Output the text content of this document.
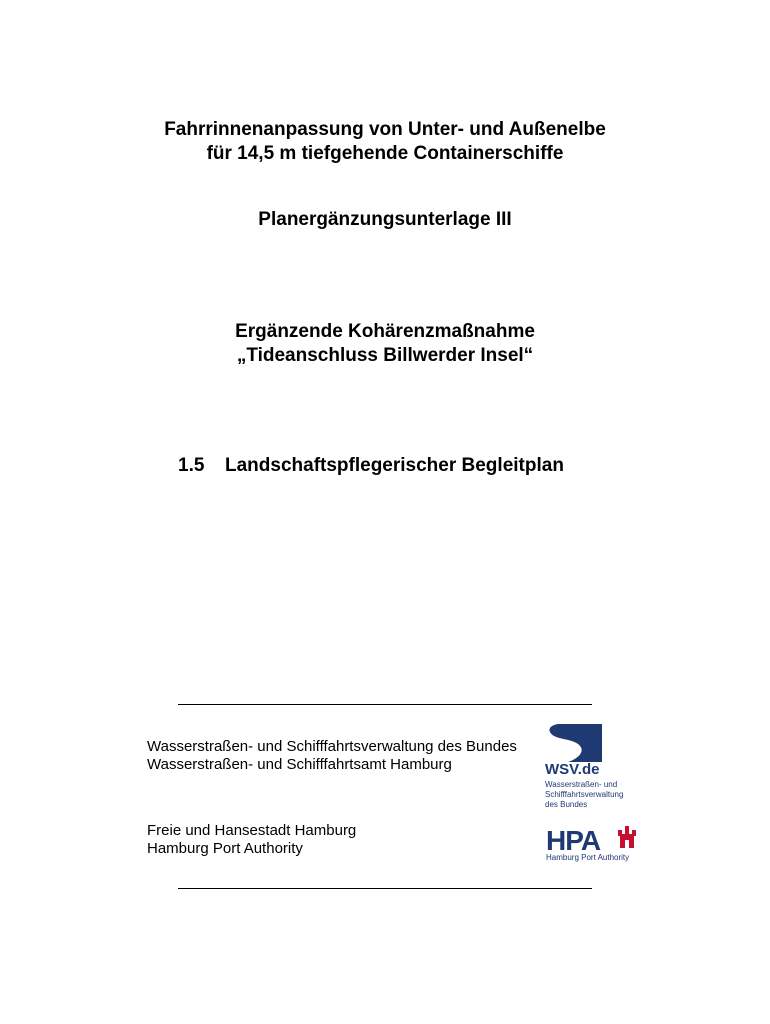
Fahrrinnenanpassung von Unter- und Außenelbe
für 14,5 m tiefgehende Containerschiffe
Planergänzungsunterlage III
Ergänzende Kohärenzmaßnahme
„Tideanschluss Billwerder Insel“
1.5 Landschaftspflegerischer Begleitplan
Wasserstraßen- und Schifffahrtsverwaltung des Bundes
Wasserstraßen- und Schifffahrtsamt Hamburg	WSV.de
Wasserstraßen- und
Schifffahrtsverwaltung
des Bundes
Freie und Hansestadt Hamburg
Hamburg Port Authority	HPA
Hamburg Port Authority
